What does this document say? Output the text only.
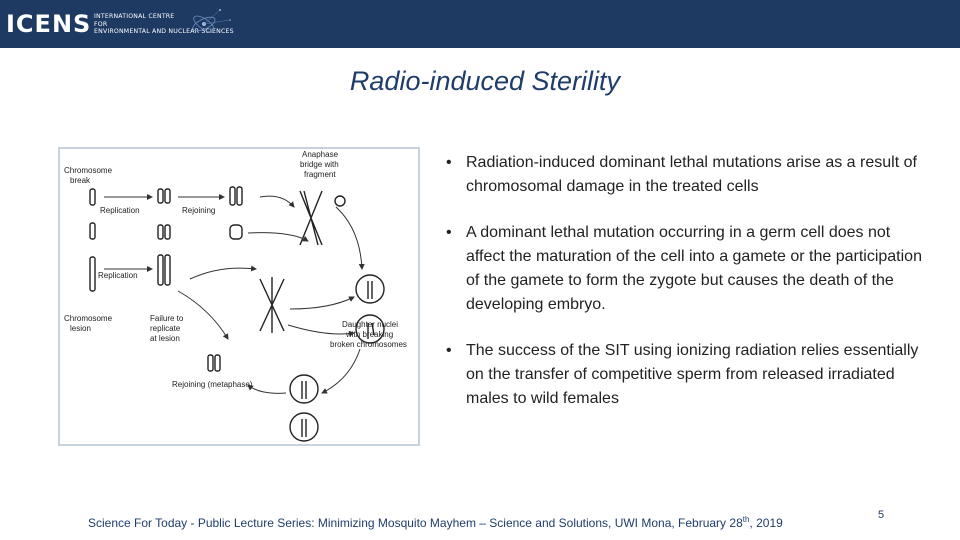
ICENS INTERNATIONAL CENTRE
FOR
ENVIRONMENTAL AND NUCLEAR SCIENCES
Radio-induced Sterility
Chromosome
break
Replication	Rejoining
Anaphase
bridge with
fragment
Replication
Chromosome
lesion
Failure to
replicate
at lesion
Daughter nuclei
with breaking
broken chromosomes
Rejoining (metaphase)
• Radiation-induced dominant lethal mutations arise as a result of chromosomal damage in the treated cells
• A dominant lethal mutation occurring in a germ cell does not affect the maturation of the cell into a gamete or the participation of the gamete to form the zygote but causes the death of the developing embryo.
• The success of the SIT using ionizing radiation relies essentially on the transfer of competitive sperm from released irradiated males to wild females
Science For Today - Public Lecture Series: Minimizing Mosquito Mayhem – Science and Solutions, UWI Mona, February 28th, 2019
5
